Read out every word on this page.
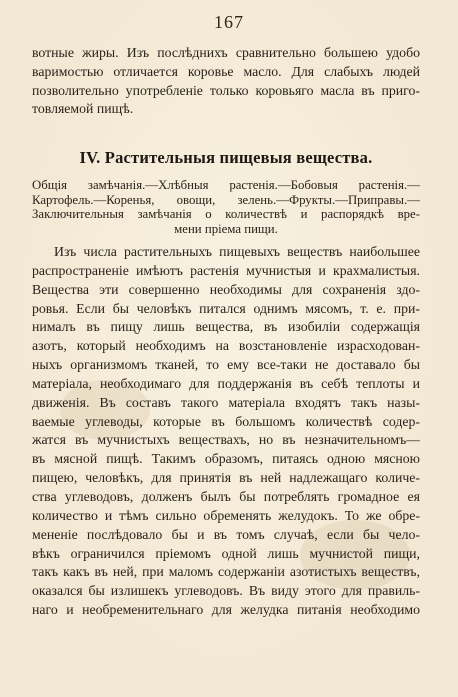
167
вотные жиры. Изъ послѣднихъ сравнительно большею удобо
варимостью отличается коровье масло. Для слабыхъ людей
позволительно употребленіе только коровьяго масла въ приго-
товляемой пищѣ.
IV. Растительныя пищевыя вещества.
Общія замѣчанія.—Хлѣбныя растенія.—Бобовыя растенія.—
Картофель.—Коренья, овощи, зелень.—Фрукты.—Приправы.—
Заключительныя замѣчанія о количествѣ и распорядкѣ вре-
мени пріема пищи.
Изъ числа растительныхъ пищевыхъ веществъ наибольшее
распространеніе имѣютъ растенія мучнистыя и крахмалистыя.
Вещества эти совершенно необходимы для сохраненія здо-
ровья. Если бы человѣкъ питался однимъ мясомъ, т. е. при-
нималъ въ пищу лишь вещества, въ изобиліи содержащія
азотъ, который необходимъ на возстановленіе израсходован-
ныхъ организмомъ тканей, то ему все-таки не доставало бы
матеріала, необходимаго для поддержанія въ себѣ теплоты и
движенія. Въ составъ такого матеріала входятъ такъ назы-
ваемые углеводы, которые въ большомъ количествѣ содер-
жатся въ мучнистыхъ веществахъ, но въ незначительномъ—
въ мясной пищѣ. Такимъ образомъ, питаясь одною мясною
пищею, человѣкъ, для принятія въ ней надлежащаго количе-
ства углеводовъ, долженъ былъ бы потреблять громадное ея
количество и тѣмъ сильно обременять желудокъ. То же обре-
мененіе послѣдовало бы и въ томъ случаѣ, если бы чело-
вѣкъ ограничился пріемомъ одной лишь мучнистой пищи,
такъ какъ въ ней, при маломъ содержаніи азотистыхъ веществъ,
оказался бы излишекъ углеводовъ. Въ виду этого для правиль-
наго и необременительнаго для желудка питанія необходимо
